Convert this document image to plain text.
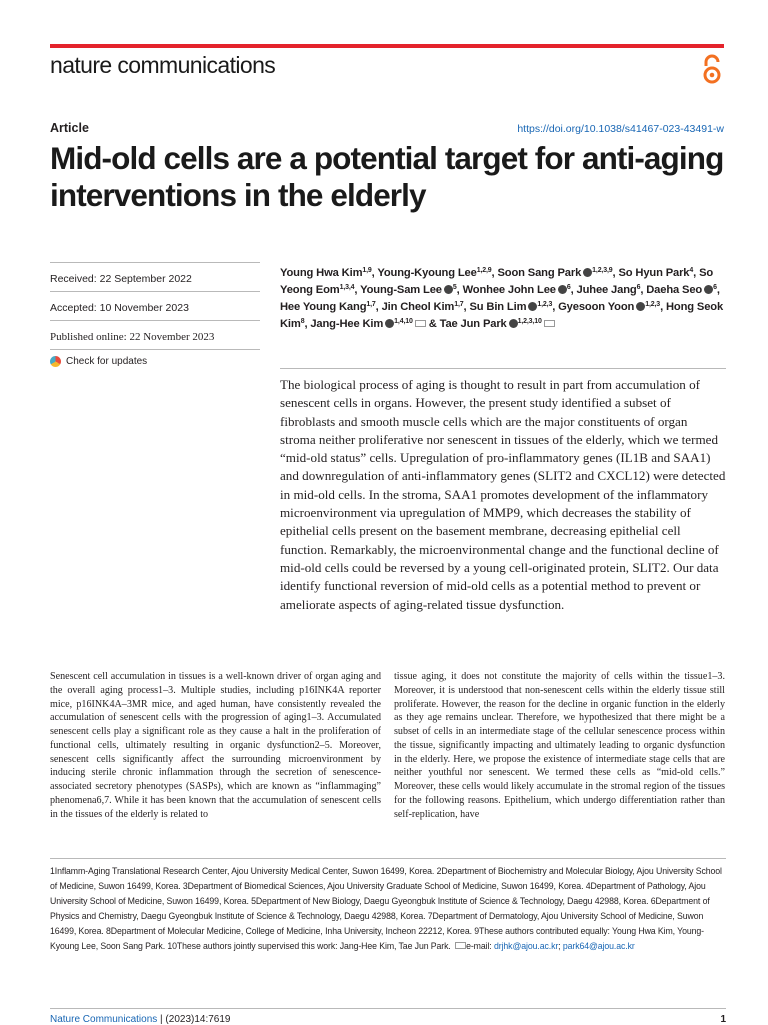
nature communications
Article	https://doi.org/10.1038/s41467-023-43491-w
Mid-old cells are a potential target for anti-aging interventions in the elderly
Received: 22 September 2022
Accepted: 10 November 2023
Published online: 22 November 2023
Check for updates

Young Hwa Kim$^{1,9}$, Young-Kyoung Lee$^{1,2,9}$, Soon Sang Park $^{1,2,3,9}$, So Hyun Park$^4$, So Yeong Eom$^{1,3,4}$, Young-Sam Lee $^5$, Wonhee John Lee $^6$, Juhee Jang$^6$, Daeha Seo $^6$, Hee Young Kang$^{1,7}$, Jin Cheol Kim$^{1,7}$, Su Bin Lim $^{1,2,3}$, Gyesoon Yoon $^{1,2,3}$, Hong Seok Kim$^8$, Jang-Hee Kim $^{1,4,10}$ & Tae Jun Park $^{1,2,3,10}$

The biological process of aging is thought to result in part from accumulation of senescent cells in organs. However, the present study identified a subset of fibroblasts and smooth muscle cells which are the major constituents of organ stroma neither proliferative nor senescent in tissues of the elderly, which we termed “mid-old status” cells. Upregulation of pro-inflammatory genes (IL1B and SAA1) and downregulation of anti-inflammatory genes (SLIT2 and CXCL12) were detected in mid-old cells. In the stroma, SAA1 promotes development of the inflammatory microenvironment via upregulation of MMP9, which decreases the stability of epithelial cells present on the basement membrane, decreasing epithelial cell function. Remarkably, the microenvironmental change and the functional decline of mid-old cells could be reversed by a young cell-originated protein, SLIT2. Our data identify functional reversion of mid-old cells as a potential method to prevent or ameliorate aspects of aging-related tissue dysfunction.

Senescent cell accumulation in tissues is a well-known driver of organ aging and the overall aging process1–3. Multiple studies, including p16INK4A reporter mice, p16INK4A–3MR mice, and aged human, have consistently revealed the accumulation of senescent cells with the progression of aging1–3. Accumulated senescent cells play a significant role as they cause a halt in the proliferation of functional cells, ultimately resulting in organic dysfunction2–5. Moreover, senescent cells significantly affect the surrounding microenvironment by inducing sterile chronic inflammation through the secretion of senescence-associated secretory phenotypes (SASPs), which are known as “inflammaging” phenomena6,7. While it has been known that the accumulation of senescent cells in the tissues of the elderly is related to

tissue aging, it does not constitute the majority of cells within the tissue1–3. Moreover, it is understood that non-senescent cells within the elderly tissue still proliferate. However, the reason for the decline in organic function in the elderly as they age remains unclear. Therefore, we hypothesized that there might be a subset of cells in an intermediate stage of the cellular senescence process within the tissue, significantly impacting and ultimately leading to organic dysfunction in the elderly. Here, we propose the existence of intermediate stage cells that are neither youthful nor senescent. We termed these cells as “mid-old cells.” Moreover, these cells would likely accumulate in the stromal region of the tissues for the following reasons. Epithelium, which undergo differentiation rather than self-replication, have

1Inflamm-Aging Translational Research Center, Ajou University Medical Center, Suwon 16499, Korea. 2Department of Biochemistry and Molecular Biology, Ajou University School of Medicine, Suwon 16499, Korea. 3Department of Biomedical Sciences, Ajou University Graduate School of Medicine, Suwon 16499, Korea. 4Department of Pathology, Ajou University School of Medicine, Suwon 16499, Korea. 5Department of New Biology, Daegu Gyeongbuk Institute of Science & Technology, Daegu 42988, Korea. 6Department of Physics and Chemistry, Daegu Gyeongbuk Institute of Science & Technology, Daegu 42988, Korea. 7Department of Dermatology, Ajou University School of Medicine, Suwon 16499, Korea. 8Department of Molecular Medicine, College of Medicine, Inha University, Incheon 22212, Korea. 9These authors contributed equally: Young Hwa Kim, Young-Kyoung Lee, Soon Sang Park. 10These authors jointly supervised this work: Jang-Hee Kim, Tae Jun Park. e-mail: drjhk@ajou.ac.kr; park64@ajou.ac.kr

Nature Communications | (2023)14:7619	1
